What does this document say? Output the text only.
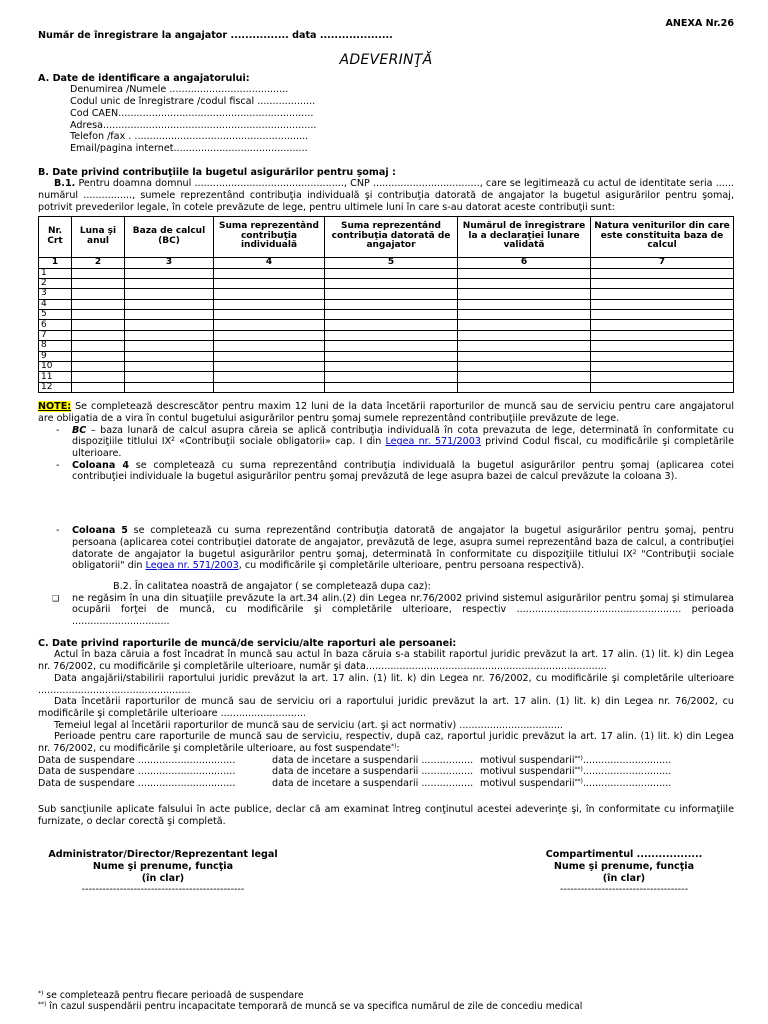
ANEXA Nr.26
Număr de înregistrare la angajator ................ data ....................
ADEVERINŢĂ
A. Date de identificare a angajatorului:
Denumirea /Numele .......................................
Codul unic de înregistrare /codul fiscal ...................
Cod CAEN................................................................
Adresa......................................................................
Telefon /fax . .........................................................
Email/pagina internet............................................
B. Date privind contribuţiile la bugetul asigurărilor pentru şomaj :

B.1. Pentru doamna domnul ................................................., CNP ..................................., care se legitimează cu actul de identitate seria ...... numărul ................, sumele reprezentând contribuţia individuală şi contribuţia datorată de angajator la bugetul asigurărilor pentru şomaj, potrivit prevederilor legale, în cotele prevăzute de lege, pentru ultimele luni în care s-au datorat aceste contribuţii sunt:

Nr. Crt	Luna şi anul	Baza de calcul (BC)	Suma reprezentând contribuţia individuală	Suma reprezentând contribuţia datorată de angajator	Numărul de înregistrare la a declaraţiei lunare validată	Natura veniturilor din care este constituita baza de calcul
1	2	3	4	5	6	7
1						
2						
3						
4						
5						
6						
7						
8						
9						
10						
11						
12						

NOTE: Se completează descrescător pentru maxim 12 luni de la data încetării raporturilor de muncă sau de serviciu pentru care angajatorul are obligatia de a vira în contul bugetului asigurărilor pentru şomaj sumele reprezentând contribuţiile prevăzute de lege.

- BC – baza lunară de calcul asupra căreia se aplică contribuţia individuală în cota prevazuta de lege, determinată în conformitate cu dispoziţiile titlului $IX^2$ «Contribuţii sociale obligatorii» cap. I din Legea nr. 571/2003 privind Codul fiscal, cu modificările şi completările ulterioare.
- Coloana 4 se completează cu suma reprezentând contribuţia individuală la bugetul asigurărilor pentru şomaj (aplicarea cotei contribuţiei individuale la bugetul asigurărilor pentru şomaj prevăzută de lege asupra bazei de calcul prevăzute la coloana 3).
- Coloana 5 se completează cu suma reprezentând contribuţia datorată de angajator la bugetul asigurărilor pentru şomaj, pentru persoana (aplicarea cotei contribuţiei datorate de angajator, prevăzută de lege, asupra sumei reprezentând baza de calcul, a contribuţiei datorate de angajator la bugetul asigurărilor pentru şomaj, determinată în conformitate cu dispoziţiile titlului $IX^2$ "Contribuţii sociale obligatorii" din Legea nr. 571/2003, cu modificările şi completările ulterioare, pentru persoana respectivă).

B.2. În calitatea noastră de angajator ( se completează dupa caz):

❑ ne regăsim în una din situaţiile prevăzute la art.34 alin.(2) din Legea nr.76/2002 privind sistemul asigurărilor pentru şomaj şi stimularea ocupării forţei de muncă, cu modificările şi completările ulterioare, respectiv ...................................................... perioada ................................
C. Date privind raporturile de muncă/de serviciu/alte raporturi ale persoanei:

Actul în baza căruia a fost încadrat în muncă sau actul în baza căruia s-a stabilit raportul juridic prevăzut la art. 17 alin. (1) lit. k) din Legea nr. 76/2002, cu modificările şi completările ulterioare, număr şi data...............................................................................

Data angajării/stabilirii raportului juridic prevăzut la art. 17 alin. (1) lit. k) din Legea nr. 76/2002, cu modificările şi completările ulterioare ..................................................

Data încetării raporturilor de muncă sau de serviciu ori a raportului juridic prevăzut la art. 17 alin. (1) lit. k) din Legea nr. 76/2002, cu modificările şi completările ulterioare ............................

Temeiul legal al încetării raporturilor de muncă sau de serviciu (art. şi act normativ) ..................................

Perioade pentru care raporturile de muncă sau de serviciu, respectiv, după caz, raportul juridic prevăzut la art. 17 alin. (1) lit. k) din Legea nr. 76/2002, cu modificările şi completările ulterioare, au fost suspendate*):

Data de suspendare ................................	data de incetare a suspendarii ................. motivul suspendarii**).............................
Data de suspendare ................................	data de incetare a suspendarii ................. motivul suspendarii**).............................
Data de suspendare ................................	data de incetare a suspendarii ................. motivul suspendarii**).............................

Sub sancţiunile aplicate falsului în acte publice, declar că am examinat întreg conţinutul acestei adeverinţe şi, în conformitate cu informaţiile furnizate, o declar corectă şi completă.

Administrator/Director/Reprezentant legal
Nume şi prenume, funcţia
(în clar)
-----------------------------------------------
Compartimentul ..................
Nume şi prenume, funcţia
(în clar)
-------------------------------------
*) se completează pentru fiecare perioadă de suspendare
**) în cazul suspendării pentru incapacitate temporară de muncă se va specifica numărul de zile de concediu medical
